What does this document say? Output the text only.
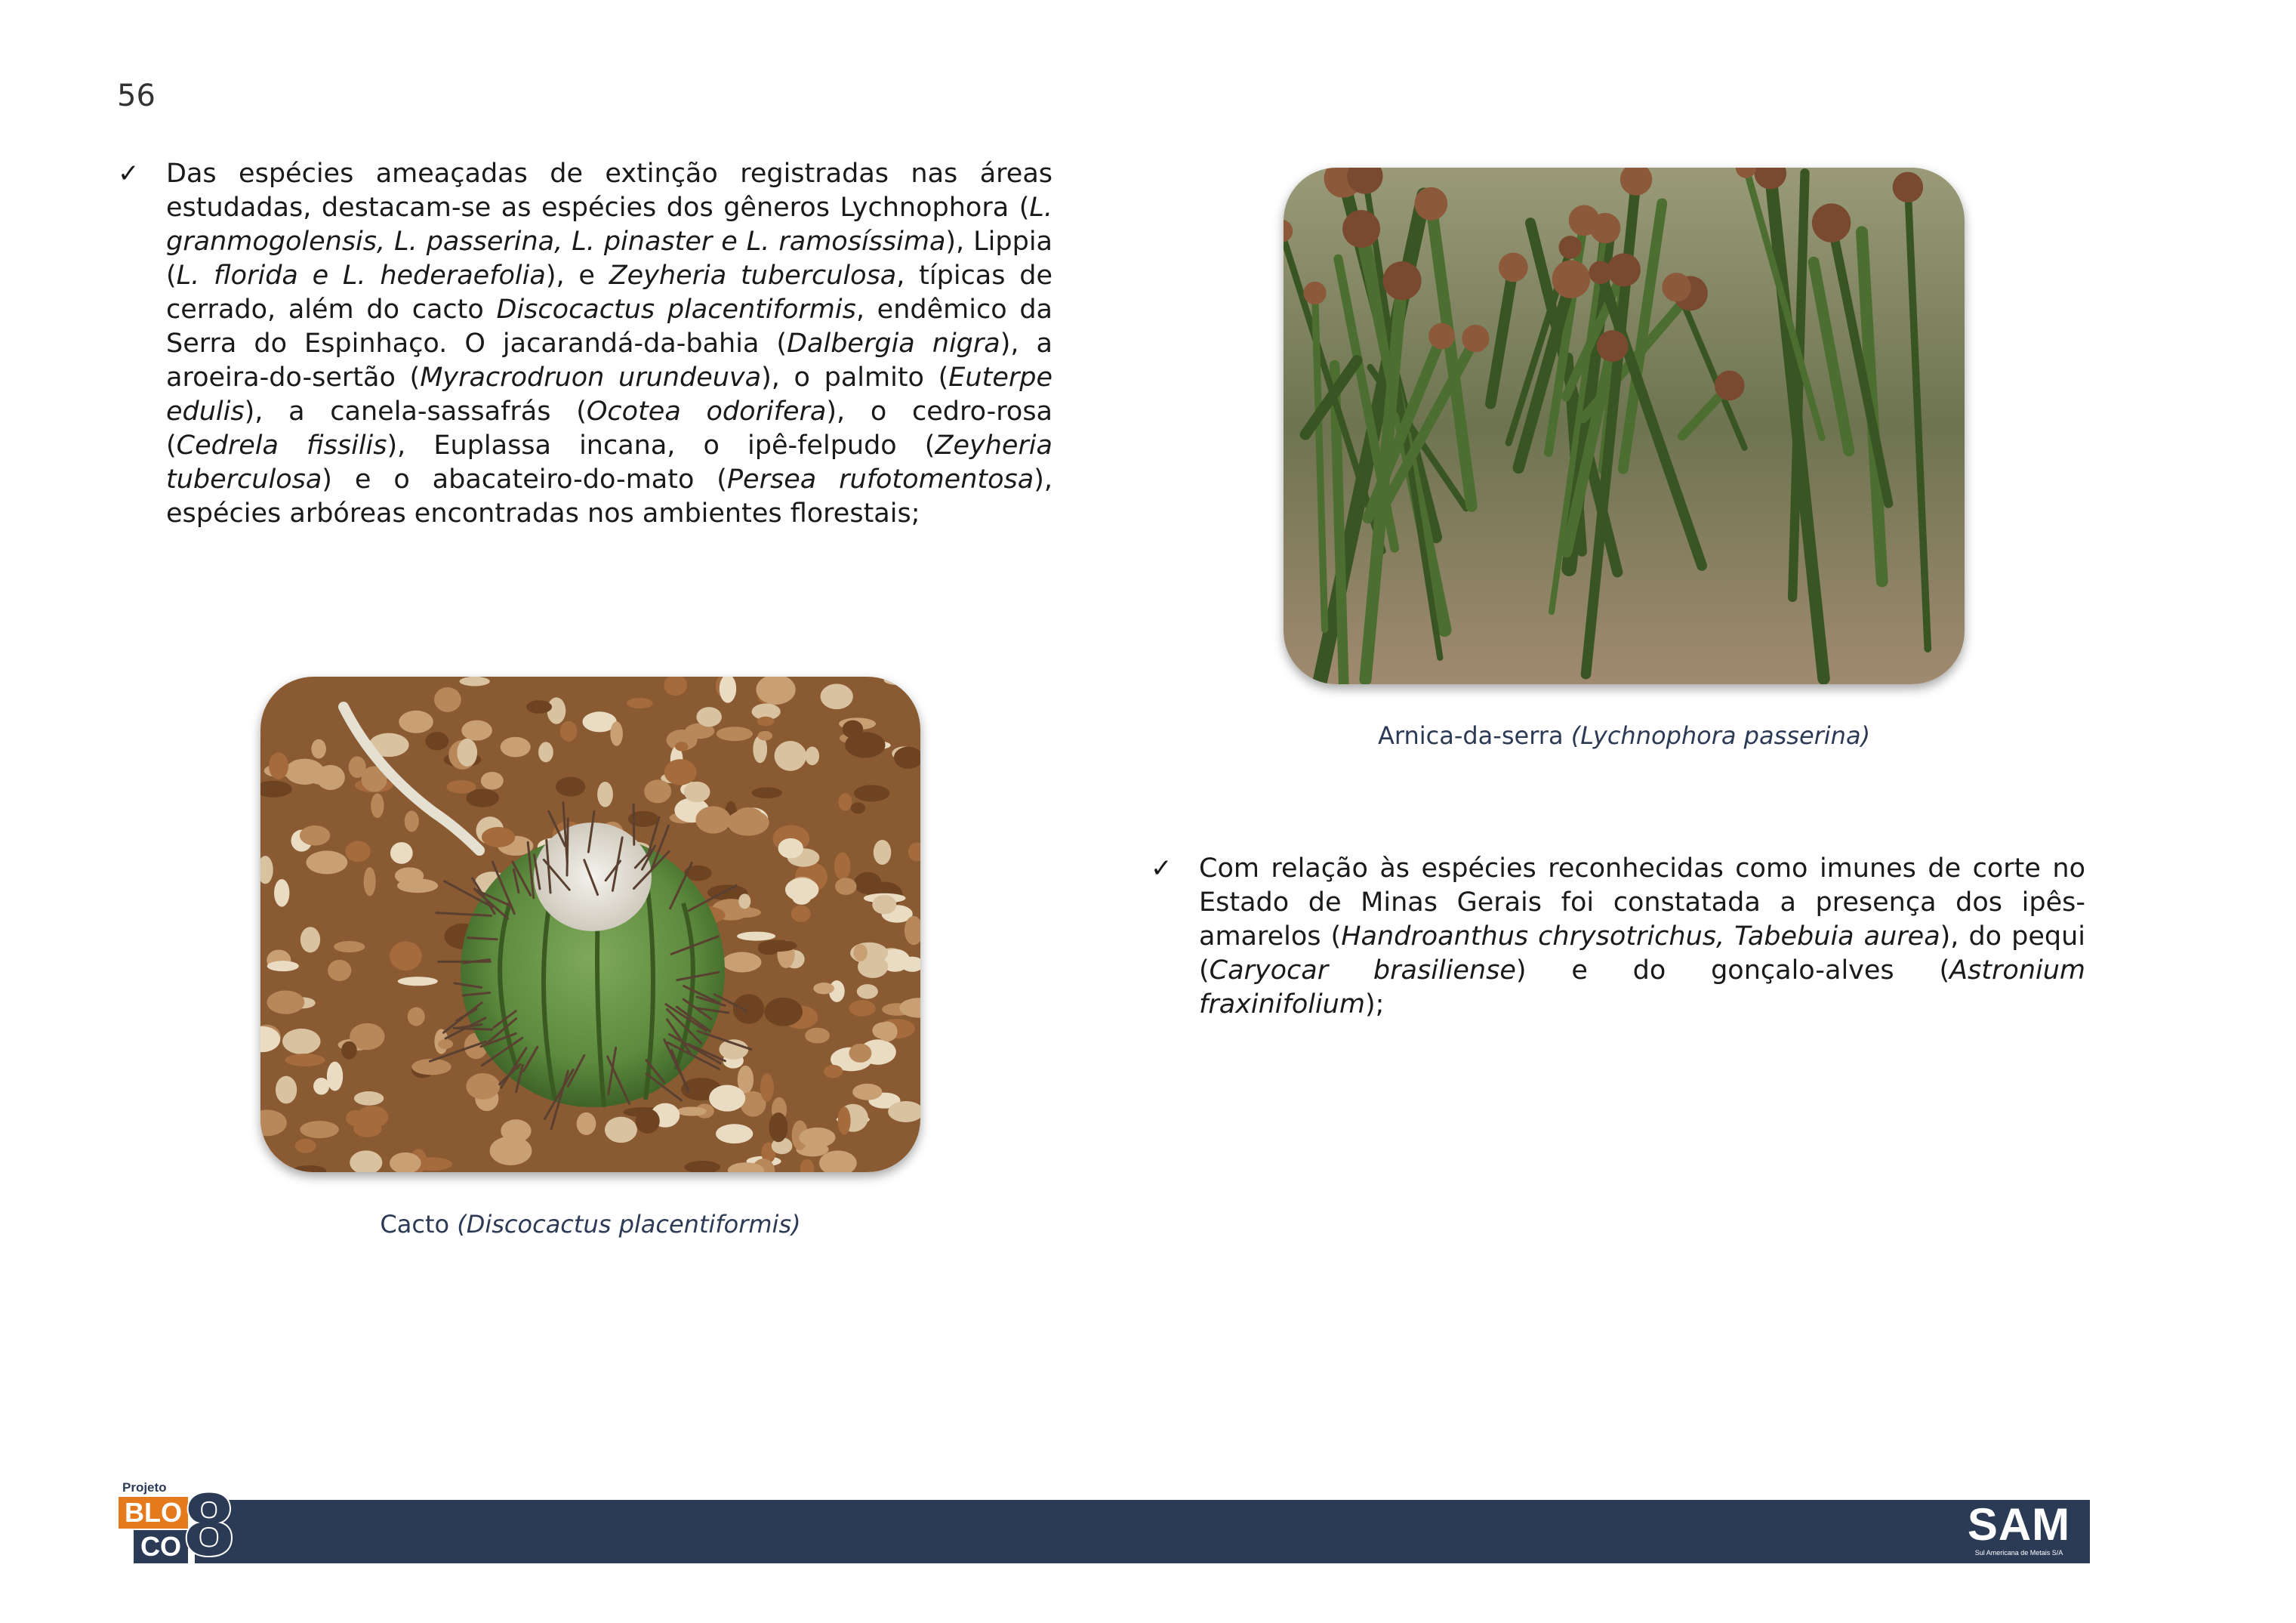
56
✓ Das espécies ameaçadas de extinção registradas nas áreas estudadas, destacam-se as espécies dos gêneros Lychnophora (L. granmogolensis, L. passerina, L. pinaster e L. ramosíssima), Lippia (L. florida e L. hederaefolia), e Zeyheria tuberculosa, típicas de cerrado, além do cacto Discocactus placentiformis, endêmico da Serra do Espinhaço. O jacarandá-da-bahia (Dalbergia nigra), a aroeira-do-sertão (Myracrodruon urundeuva), o palmito (Euterpe edulis), a canela-sassafrás (Ocotea odorifera), o cedro-rosa (Cedrela fissilis), Euplassa incana, o ipê-felpudo (Zeyheria tuberculosa) e o abacateiro-do-mato (Persea rufotomentosa), espécies arbóreas encontradas nos ambientes florestais;
Arnica-da-serra (Lychnophora passerina)
Cacto (Discocactus placentiformis)
✓ Com relação às espécies reconhecidas como imunes de corte no Estado de Minas Gerais foi constatada a presença dos ipês-amarelos (Handroanthus chrysotrichus, Tabebuia aurea), do pequi (Caryocar brasiliense) e do gonçalo-alves (Astronium fraxinifolium);
Projeto
BLO
CO 8	SAM
Sul Americana de Metais S/A
